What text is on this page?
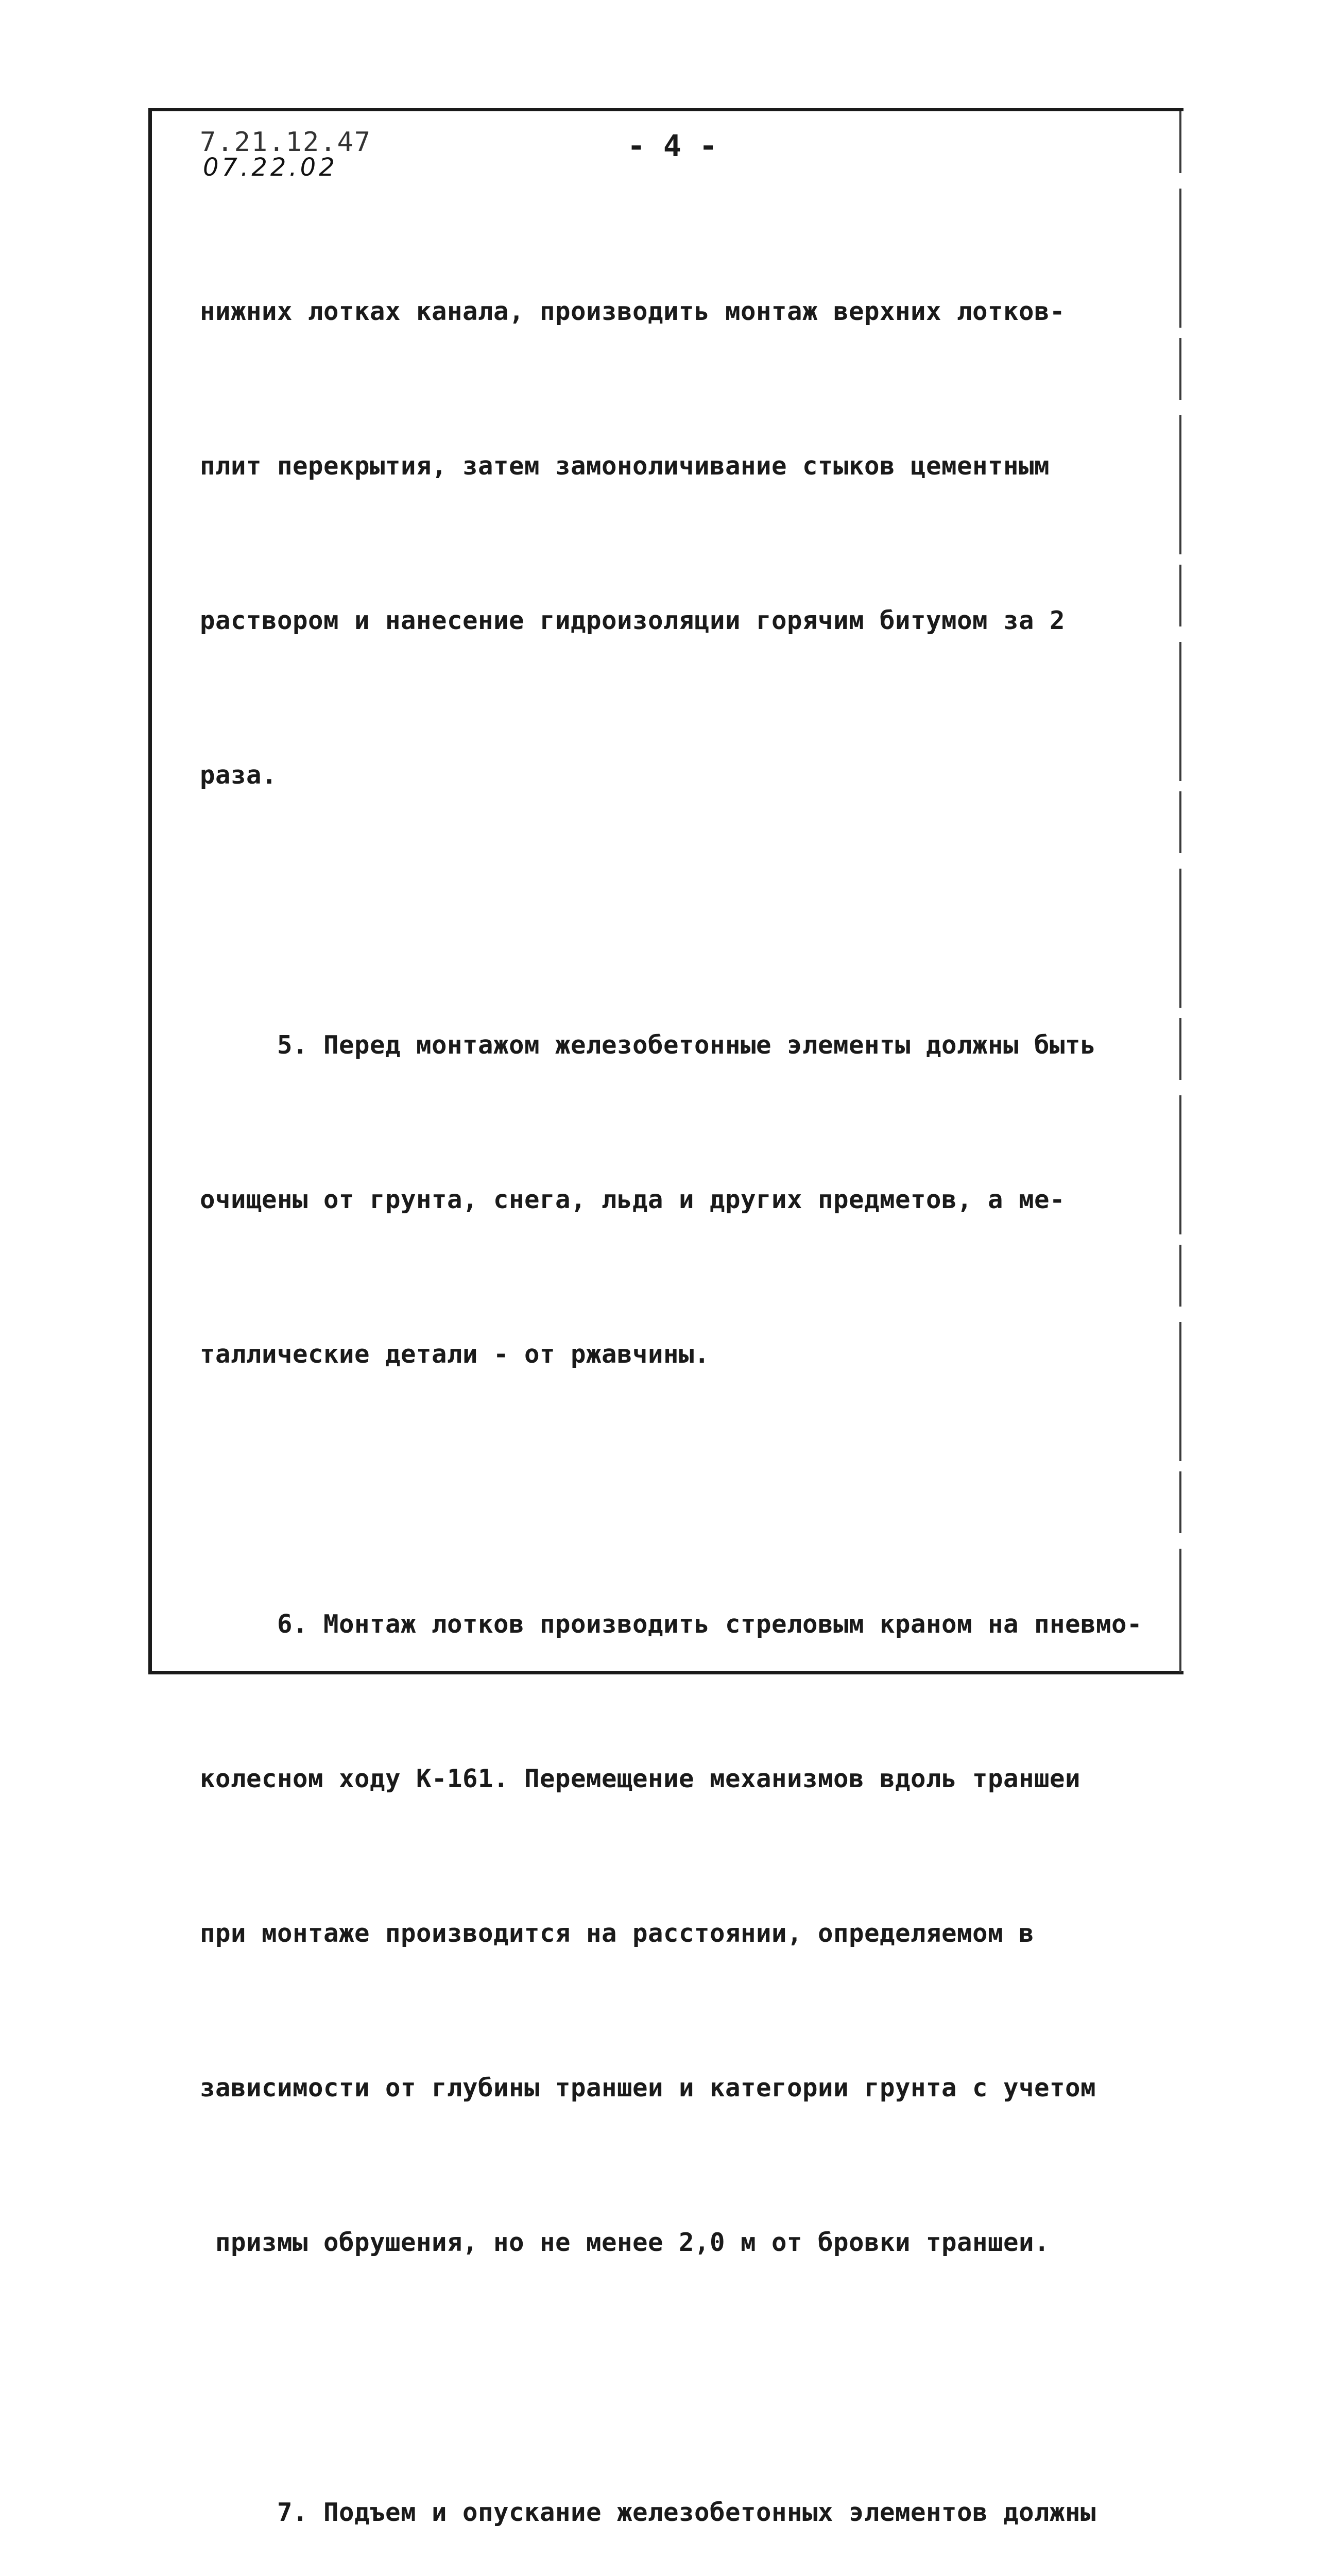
7.21.12.47
07.22.02
- 4 -

нижних лотках канала, производить монтаж верхних лотков-

плит перекрытия, затем замоноличивание стыков цементным

раствором и нанесение гидроизоляции горячим битумом за 2

раза.

5. Перед монтажом железобетонные элементы должны быть

очищены от грунта, снега, льда и других предметов, а ме-

таллические детали - от ржавчины.

6. Монтаж лотков производить стреловым краном на пневмо-

колесном ходу К-161. Перемещение механизмов вдоль траншеи

при монтаже производится на расстоянии, определяемом в

зависимости от глубины траншеи и категории грунта с учетом

призмы обрушения, но не менее 2,0 м от бровки траншеи.

7. Подъем и опускание железобетонных элементов должны
